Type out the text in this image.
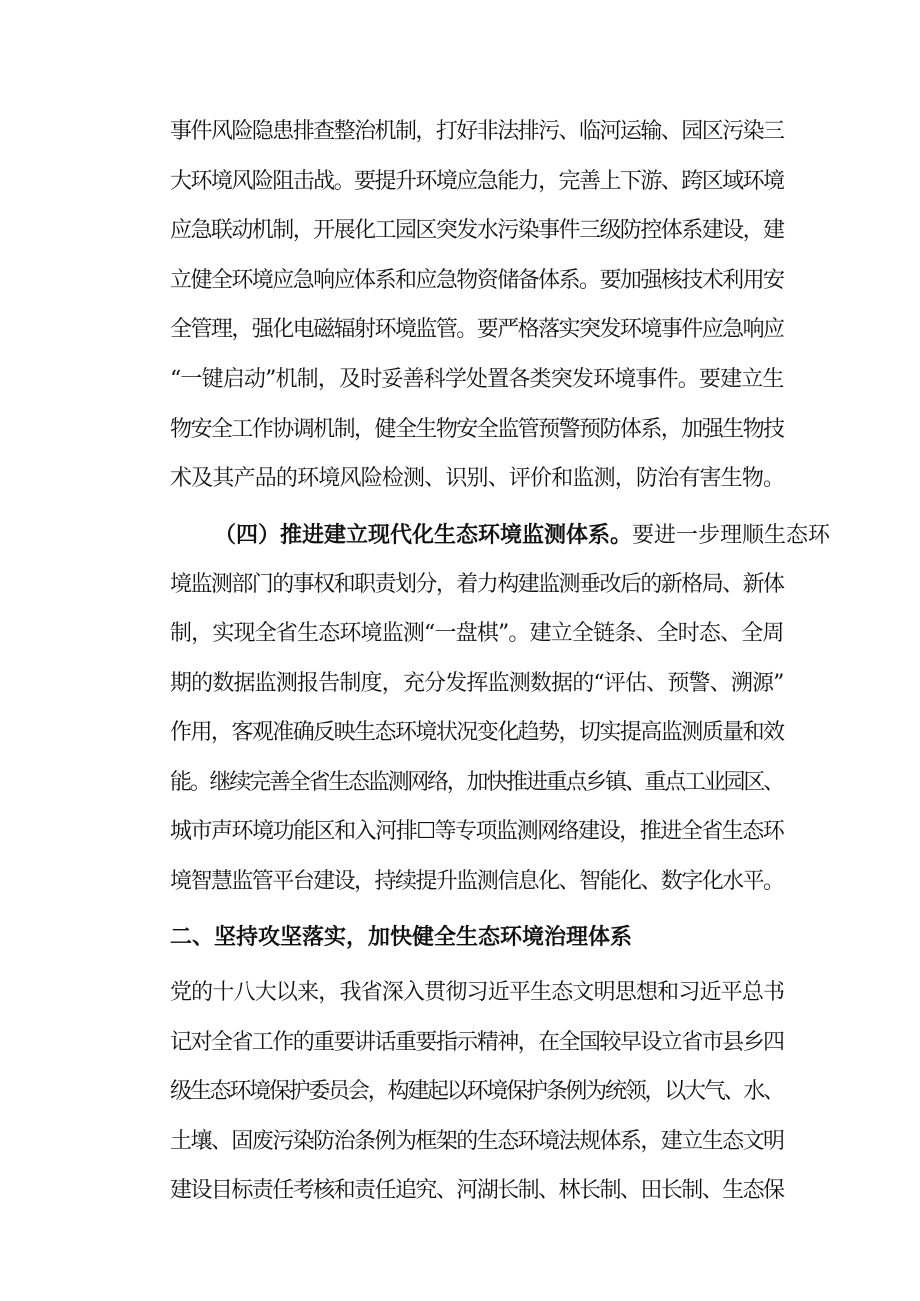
事件风险隐患排查整治机制，打好非法排污、临河运输、园区污染三
大环境风险阻击战。要提升环境应急能力，完善上下游、跨区域环境
应急联动机制，开展化工园区突发水污染事件三级防控体系建设，建
立健全环境应急响应体系和应急物资储备体系。要加强核技术利用安
全管理，强化电磁辐射环境监管。要严格落实突发环境事件应急响应
“一键启动”机制，及时妥善科学处置各类突发环境事件。要建立生
物安全工作协调机制，健全生物安全监管预警预防体系，加强生物技
术及其产品的环境风险检测、识别、评价和监测，防治有害生物。
（四）推进建立现代化生态环境监测体系。要进一步理顺生态环
境监测部门的事权和职责划分，着力构建监测垂改后的新格局、新体
制，实现全省生态环境监测“一盘棋”。建立全链条、全时态、全周
期的数据监测报告制度，充分发挥监测数据的“评估、预警、溯源”
作用，客观准确反映生态环境状况变化趋势，切实提高监测质量和效
能。继续完善全省生态监测网络，加快推进重点乡镇、重点工业园区、
城市声环境功能区和入河排☐等专项监测网络建设，推进全省生态环
境智慧监管平台建设，持续提升监测信息化、智能化、数字化水平。
二、坚持攻坚落实，加快健全生态环境治理体系
党的十八大以来，我省深入贯彻习近平生态文明思想和习近平总书
记对全省工作的重要讲话重要指示精神，在全国较早设立省市县乡四
级生态环境保护委员会，构建起以环境保护条例为统领，以大气、水、
土壤、固废污染防治条例为框架的生态环境法规体系，建立生态文明
建设目标责任考核和责任追究、河湖长制、林长制、田长制、生态保
